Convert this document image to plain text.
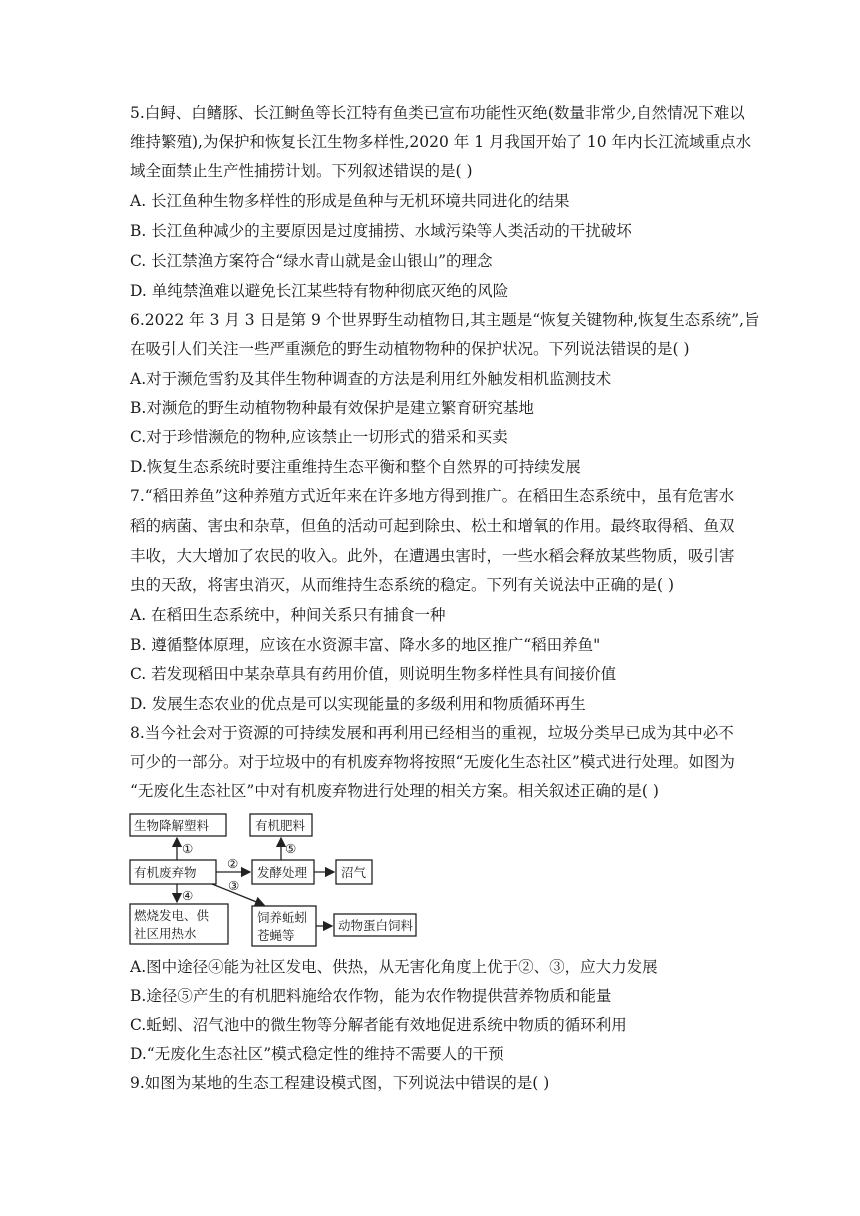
5.白鲟、白鳍豚、长江鲥鱼等长江特有鱼类已宣布功能性灭绝(数量非常少,自然情况下难以
维持繁殖),为保护和恢复长江生物多样性,2020 年 1 月我国开始了 10 年内长江流域重点水
域全面禁止生产性捕捞计划。下列叙述错误的是( )
A. 长江鱼种生物多样性的形成是鱼种与无机环境共同进化的结果
B. 长江鱼种减少的主要原因是过度捕捞、水域污染等人类活动的干扰破坏
C. 长江禁渔方案符合“绿水青山就是金山银山”的理念
D. 单纯禁渔难以避免长江某些特有物种彻底灭绝的风险
6.2022 年 3 月 3 日是第 9 个世界野生动植物日,其主题是“恢复关键物种,恢复生态系统”,旨
在吸引人们关注一些严重濒危的野生动植物物种的保护状况。下列说法错误的是( )
A.对于濒危雪豹及其伴生物种调查的方法是利用红外触发相机监测技术
B.对濒危的野生动植物物种最有效保护是建立繁育研究基地
C.对于珍惜濒危的物种,应该禁止一切形式的猎采和买卖
D.恢复生态系统时要注重维持生态平衡和整个自然界的可持续发展
7.“稻田养鱼”这种养殖方式近年来在许多地方得到推广。在稻田生态系统中，虽有危害水
稻的病菌、害虫和杂草，但鱼的活动可起到除虫、松土和增氧的作用。最终取得稻、鱼双
丰收，大大增加了农民的收入。此外，在遭遇虫害时，一些水稻会释放某些物质，吸引害
虫的天敌，将害虫消灭，从而维持生态系统的稳定。下列有关说法中正确的是( )
A. 在稻田生态系统中，种间关系只有捕食一种
B. 遵循整体原理，应该在水资源丰富、降水多的地区推广“稻田养鱼"
C. 若发现稻田中某杂草具有药用价值，则说明生物多样性具有间接价值
D. 发展生态农业的优点是可以实现能量的多级利用和物质循环再生
8.当今社会对于资源的可持续发展和再利用已经相当的重视，垃圾分类早已成为其中必不
可少的一部分。对于垃圾中的有机废弃物将按照“无废化生态社区”模式进行处理。如图为
“无废化生态社区”中对有机废弃物进行处理的相关方案。相关叙述正确的是( )
生物降解塑料	有机肥料
有机废弃物	发酵处理	沼气
燃烧发电、供
社区用热水
饲养蚯蚓
苍蝇等
动物蛋白饲料
①
②
③
④
⑤
A.图中途径④能为社区发电、供热，从无害化角度上优于②、③，应大力发展
B.途径⑤产生的有机肥料施给农作物，能为农作物提供营养物质和能量
C.蚯蚓、沼气池中的微生物等分解者能有效地促进系统中物质的循环利用
D.“无废化生态社区”模式稳定性的维持不需要人的干预
9.如图为某地的生态工程建设模式图，下列说法中错误的是( )
